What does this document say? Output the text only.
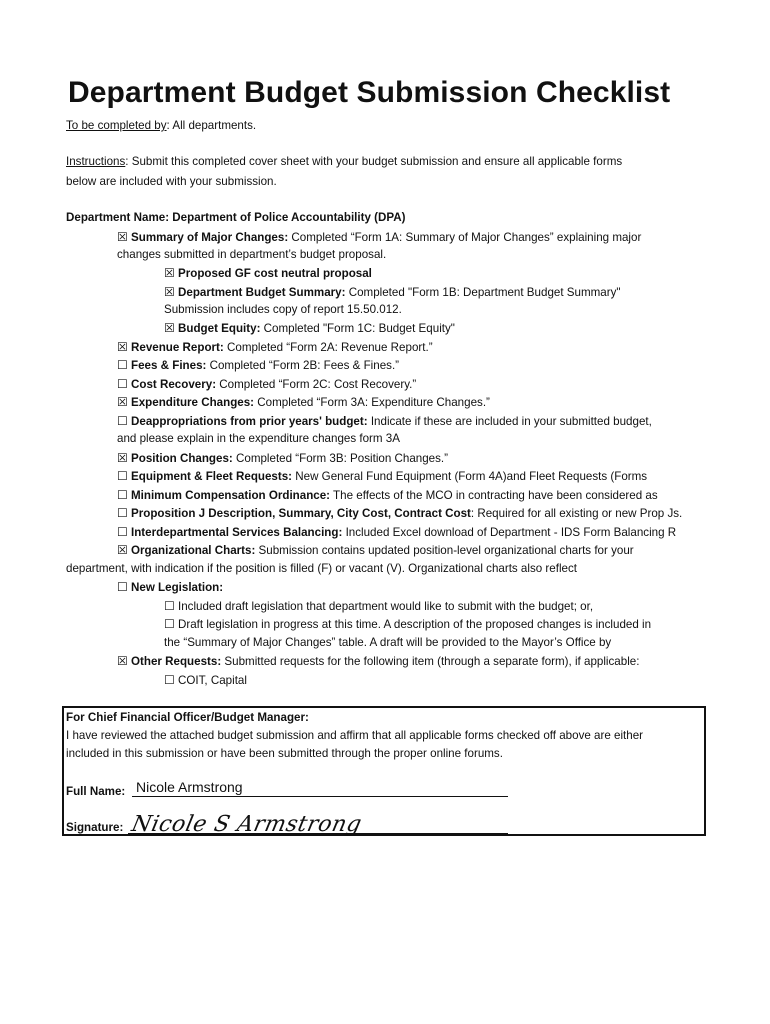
Department Budget Submission Checklist
To be completed by: All departments.
Instructions: Submit this completed cover sheet with your budget submission and ensure all applicable forms
below are included with your submission.
Department Name: Department of Police Accountability (DPA)
☒ Summary of Major Changes: Completed “Form 1A: Summary of Major Changes” explaining major
changes submitted in department’s budget proposal.
☒ Proposed GF cost neutral proposal
☒ Department Budget Summary: Completed "Form 1B: Department Budget Summary"
Submission includes copy of report 15.50.012.
☒ Budget Equity: Completed "Form 1C: Budget Equity"
☒ Revenue Report: Completed “Form 2A: Revenue Report.”
☐ Fees & Fines: Completed “Form 2B: Fees & Fines.”
☐ Cost Recovery: Completed “Form 2C: Cost Recovery.”
☒ Expenditure Changes: Completed “Form 3A: Expenditure Changes.”
☐ Deappropriations from prior years' budget: Indicate if these are included in your submitted budget,
and please explain in the expenditure changes form 3A
☒ Position Changes: Completed “Form 3B: Position Changes.”
☐ Equipment & Fleet Requests: New General Fund Equipment (Form 4A)and Fleet Requests (Forms
☐ Minimum Compensation Ordinance: The effects of the MCO in contracting have been considered as
☐ Proposition J Description, Summary, City Cost, Contract Cost: Required for all existing or new Prop Js.
☐ Interdepartmental Services Balancing: Included Excel download of Department - IDS Form Balancing R
☒ Organizational Charts: Submission contains updated position-level organizational charts for your
department, with indication if the position is filled (F) or vacant (V). Organizational charts also reflect
☐ New Legislation:
☐ Included draft legislation that department would like to submit with the budget; or,
☐ Draft legislation in progress at this time. A description of the proposed changes is included in
the “Summary of Major Changes” table. A draft will be provided to the Mayor’s Office by
☒ Other Requests: Submitted requests for the following item (through a separate form), if applicable:
☐ COIT, Capital
For Chief Financial Officer/Budget Manager:
I have reviewed the attached budget submission and affirm that all applicable forms checked off above are either
included in this submission or have been submitted through the proper online forums.
Full Name: Nicole Armstrong
Signature: Nicole S Armstrong
